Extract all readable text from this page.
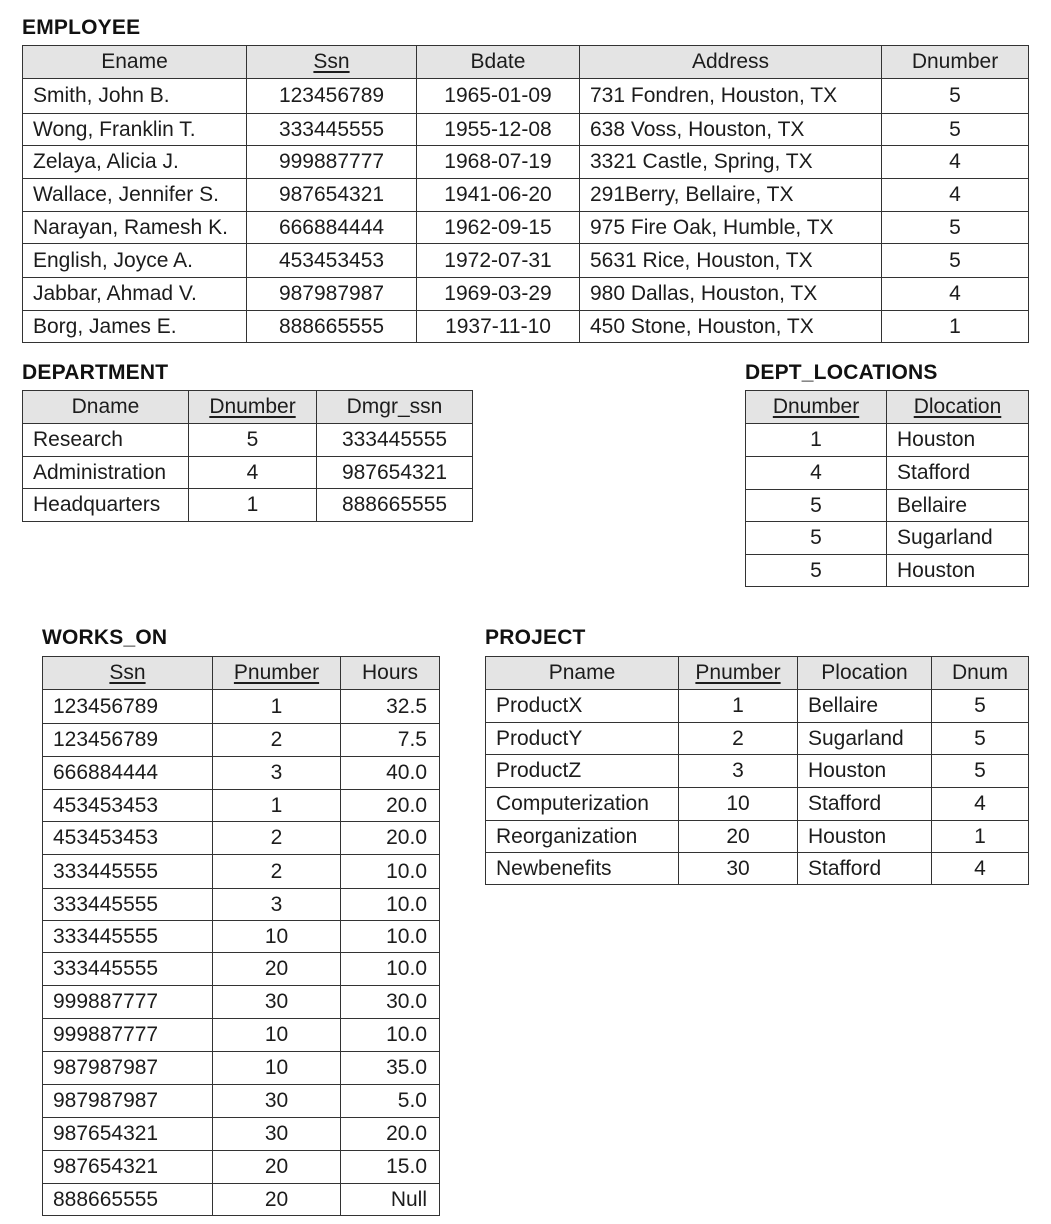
EMPLOYEE
Ename	Ssn	Bdate	Address	Dnumber
Smith, John B.	123456789	1965-01-09	731 Fondren, Houston, TX	5
Wong, Franklin T.	333445555	1955-12-08	638 Voss, Houston, TX	5
Zelaya, Alicia J.	999887777	1968-07-19	3321 Castle, Spring, TX	4
Wallace, Jennifer S.	987654321	1941-06-20	291Berry, Bellaire, TX	4
Narayan, Ramesh K.	666884444	1962-09-15	975 Fire Oak, Humble, TX	5
English, Joyce A.	453453453	1972-07-31	5631 Rice, Houston, TX	5
Jabbar, Ahmad V.	987987987	1969-03-29	980 Dallas, Houston, TX	4
Borg, James E.	888665555	1937-11-10	450 Stone, Houston, TX	1
DEPARTMENT
Dname	Dnumber	Dmgr_ssn
Research	5	333445555
Administration	4	987654321
Headquarters	1	888665555
DEPT_LOCATIONS
Dnumber	Dlocation
1	Houston
4	Stafford
5	Bellaire
5	Sugarland
5	Houston
WORKS_ON
Ssn	Pnumber	Hours
123456789	1	32.5
123456789	2	7.5
666884444	3	40.0
453453453	1	20.0
453453453	2	20.0
333445555	2	10.0
333445555	3	10.0
333445555	10	10.0
333445555	20	10.0
999887777	30	30.0
999887777	10	10.0
987987987	10	35.0
987987987	30	5.0
987654321	30	20.0
987654321	20	15.0
888665555	20	Null
PROJECT
Pname	Pnumber	Plocation	Dnum
ProductX	1	Bellaire	5
ProductY	2	Sugarland	5
ProductZ	3	Houston	5
Computerization	10	Stafford	4
Reorganization	20	Houston	1
Newbenefits	30	Stafford	4
